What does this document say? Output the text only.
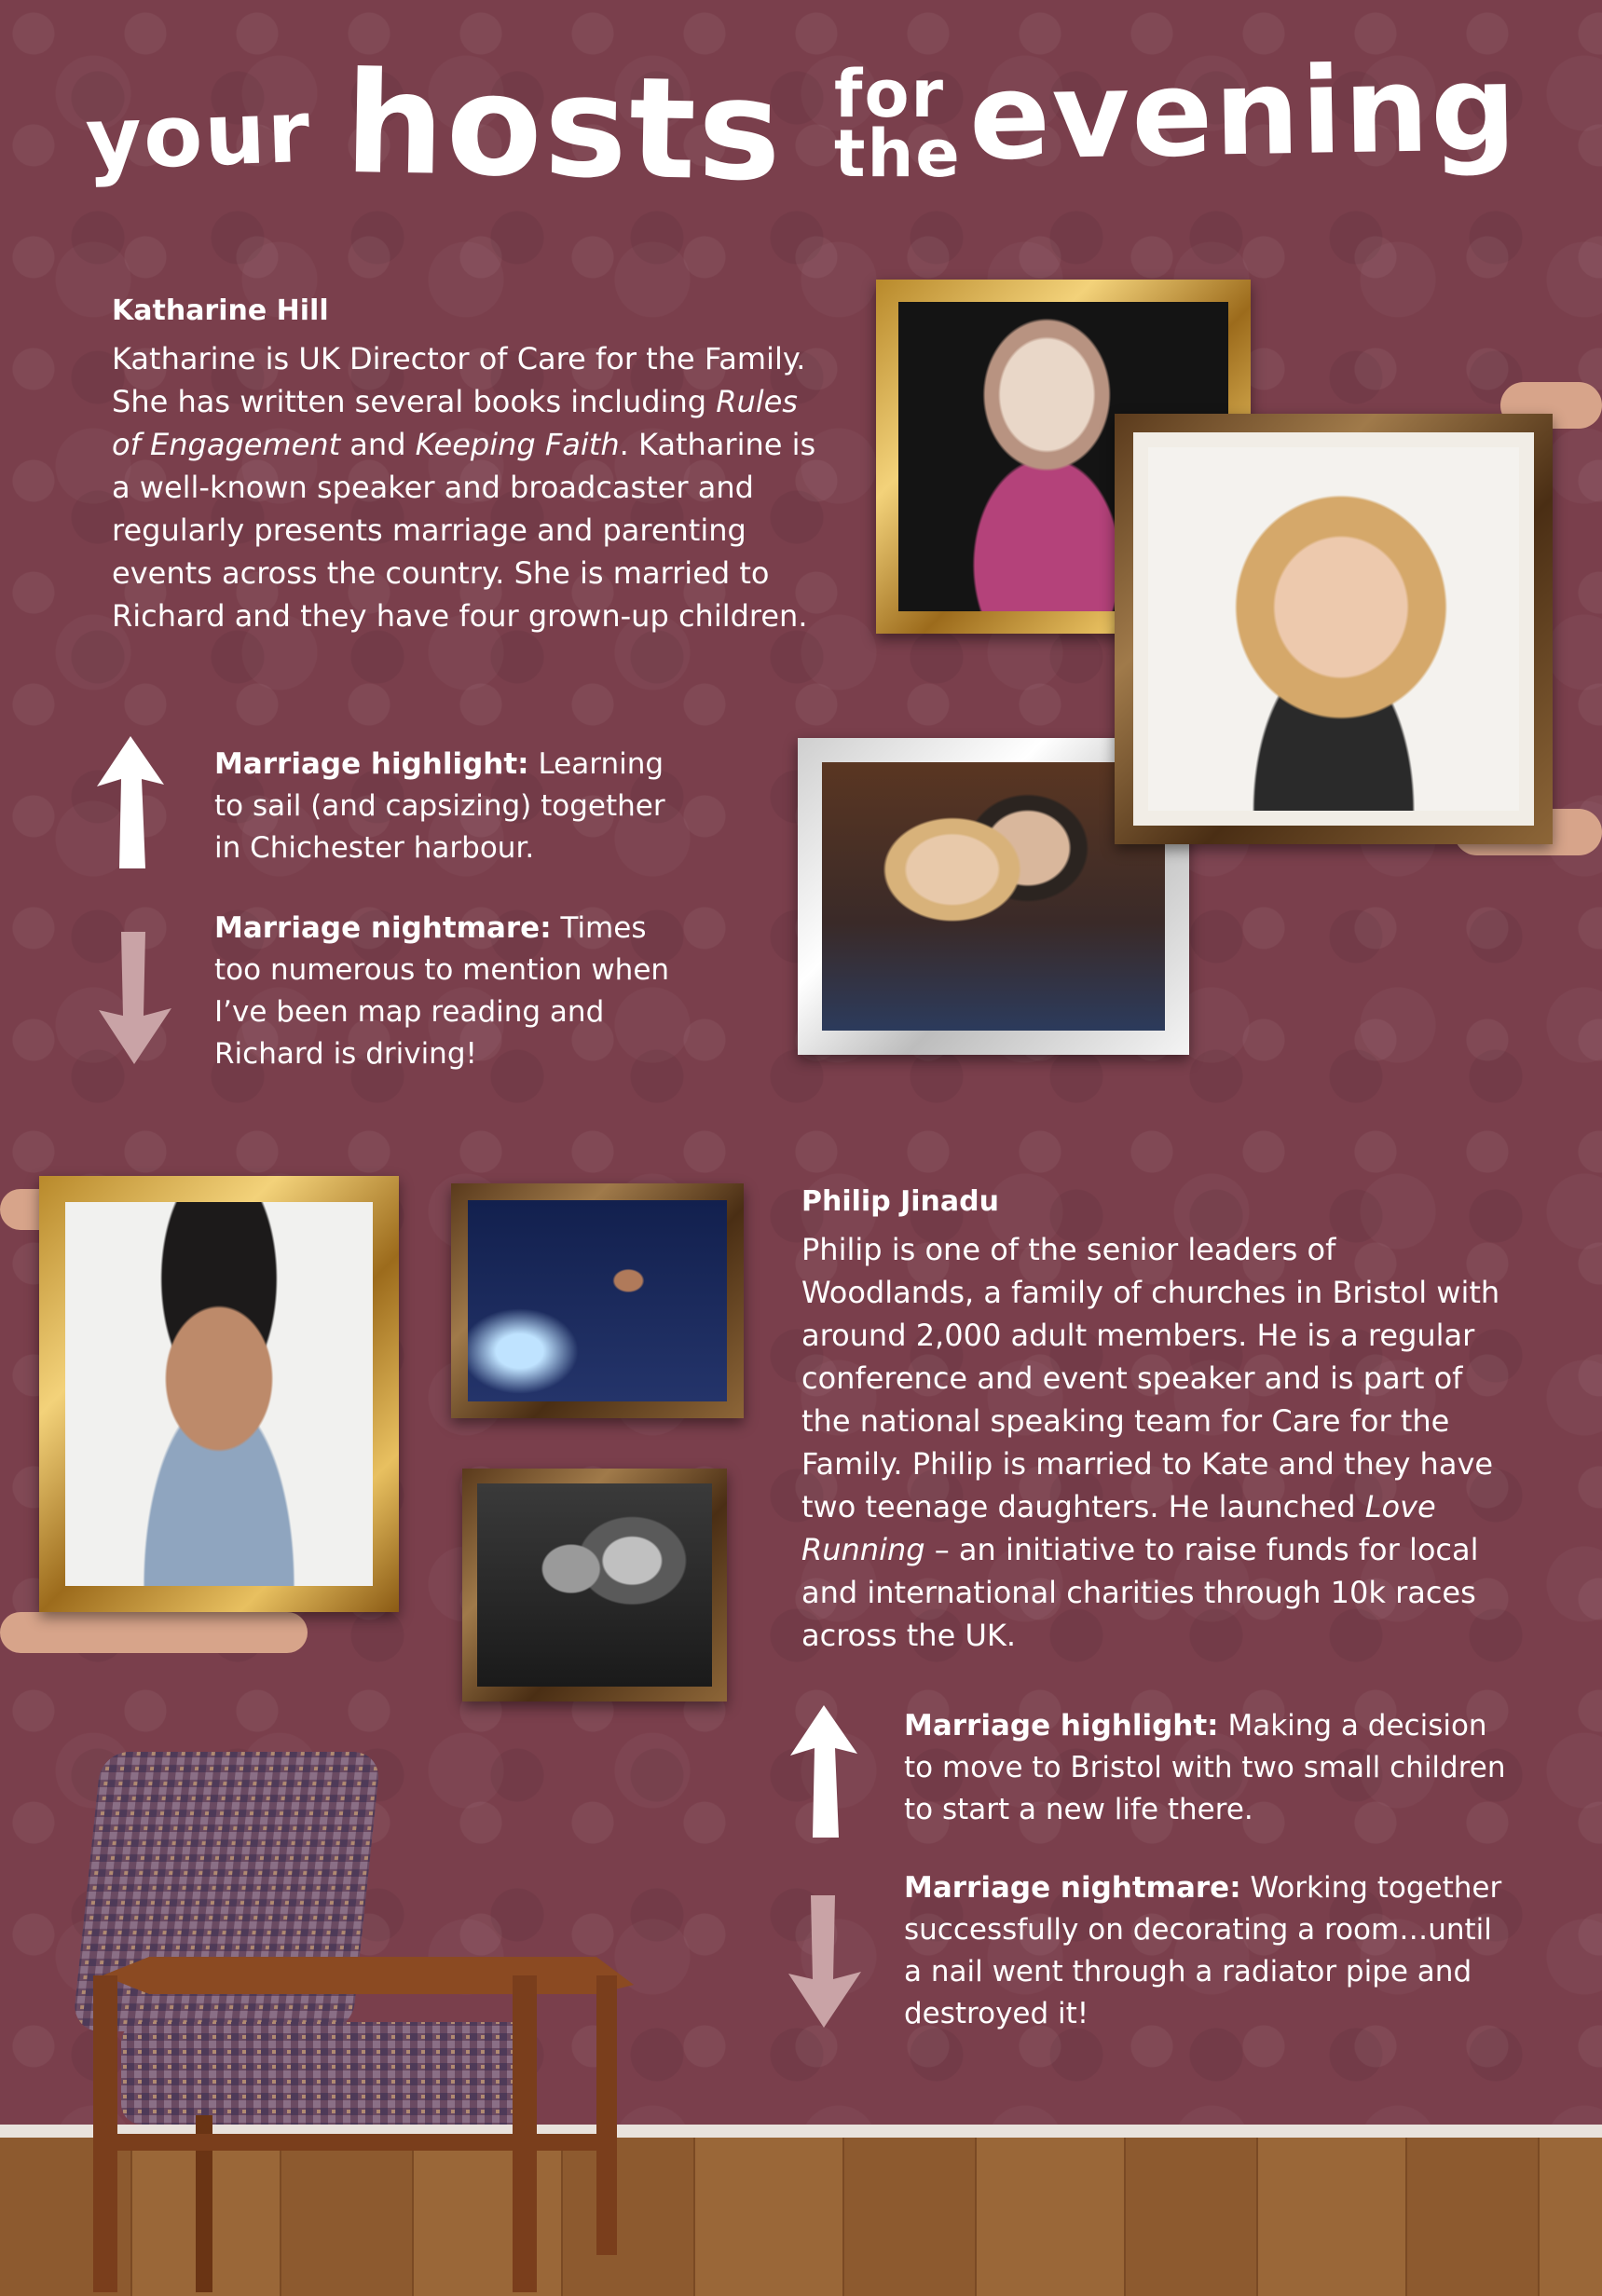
your hosts for
the evening
Katharine Hill
Katharine is UK Director of Care for the Family. She has written several books including Rules of Engagement and Keeping Faith. Katharine is a well-known speaker and broadcaster and regularly presents marriage and parenting events across the country. She is married to Richard and they have four grown-up children.
Marriage highlight: Learning to sail (and capsizing) together in Chichester harbour.
Marriage nightmare: Times too numerous to mention when I’ve been map reading and Richard is driving!
Philip Jinadu
Philip is one of the senior leaders of Woodlands, a family of churches in Bristol with around 2,000 adult members. He is a regular conference and event speaker and is part of the national speaking team for Care for the Family. Philip is married to Kate and they have two teenage daughters. He launched Love Running – an initiative to raise funds for local and international charities through 10k races across the UK.
Marriage highlight: Making a decision to move to Bristol with two small children to start a new life there.
Marriage nightmare: Working together successfully on decorating a room…until a nail went through a radiator pipe and destroyed it!
